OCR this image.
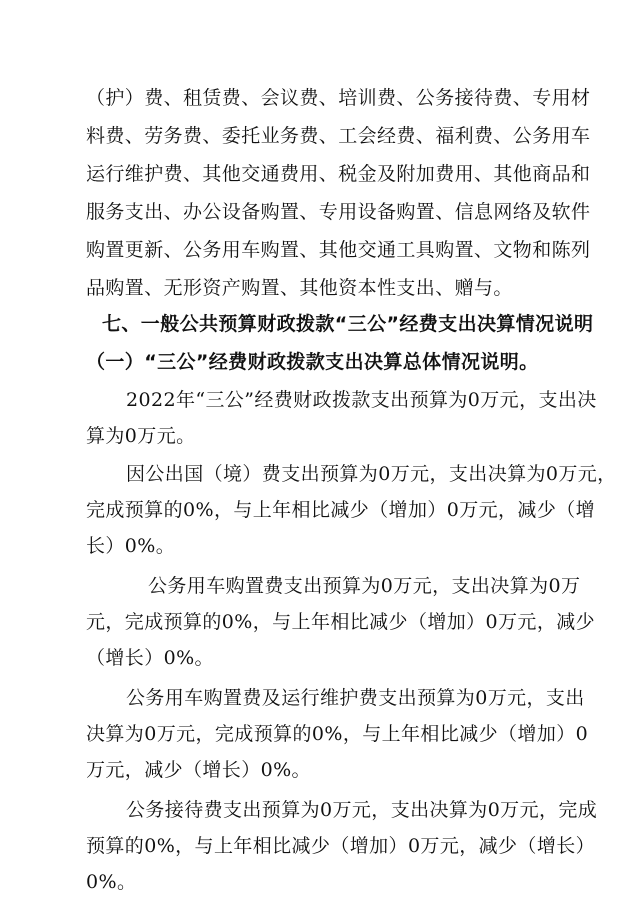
（护）费、租赁费、会议费、培训费、公务接待费、专用材
料费、劳务费、委托业务费、工会经费、福利费、公务用车
运行维护费、其他交通费用、税金及附加费用、其他商品和
服务支出、办公设备购置、专用设备购置、信息网络及软件
购置更新、公务用车购置、其他交通工具购置、文物和陈列
品购置、无形资产购置、其他资本性支出、赠与。
七、一般公共预算财政拨款“三公”经费支出决算情况说明
（一）“三公”经费财政拨款支出决算总体情况说明。
2022年“三公”经费财政拨款支出预算为0万元，支出决
算为0万元。
因公出国（境）费支出预算为0万元，支出决算为0万元，
完成预算的0%，与上年相比减少（增加）0万元，减少（增
长）0%。
公务用车购置费支出预算为0万元，支出决算为0万
元，完成预算的0%，与上年相比减少（增加）0万元，减少
（增长）0%。
公务用车购置费及运行维护费支出预算为0万元，支出
决算为0万元，完成预算的0%，与上年相比减少（增加）0
万元，减少（增长）0%。
公务接待费支出预算为0万元，支出决算为0万元，完成
预算的0%，与上年相比减少（增加）0万元，减少（增长）
0%。
